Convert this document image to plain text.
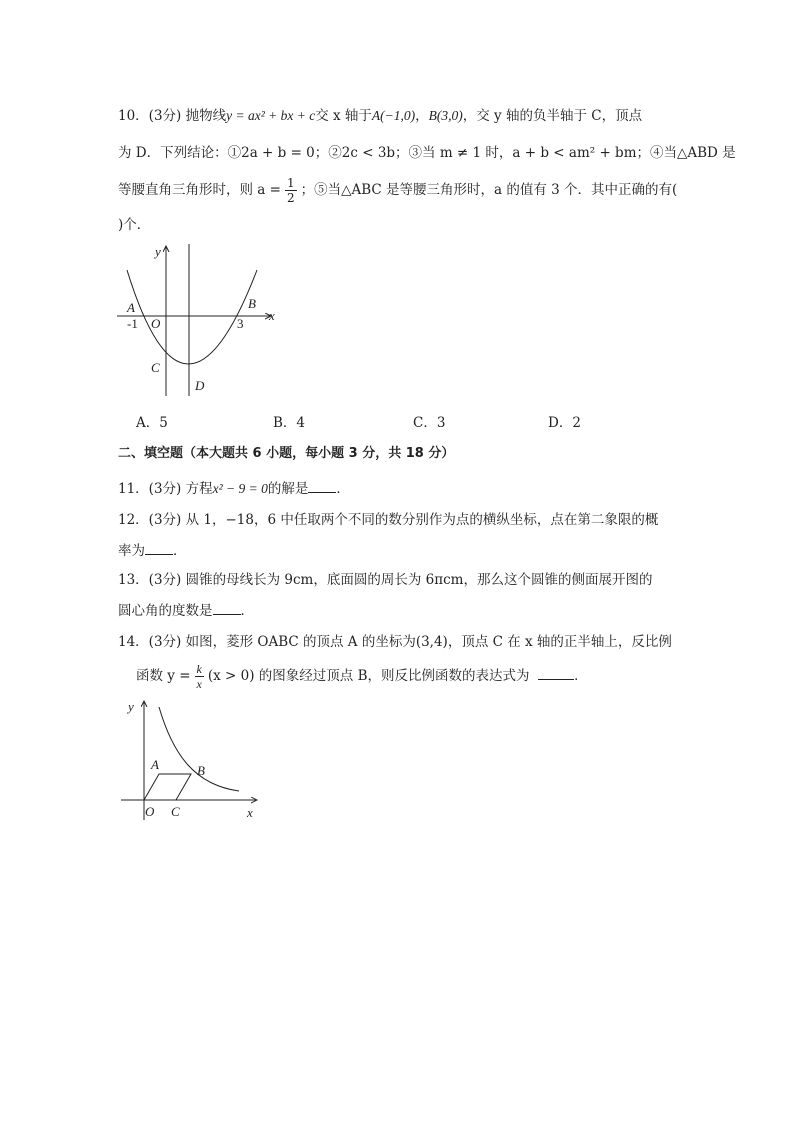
10．(3分) 抛物线y = ax² + bx + c交 x 轴于A(−1,0)，B(3,0)，交 y 轴的负半轴于 C，顶点
为 D．下列结论：①2a + b = 0；②2c < 3b；③当 m ≠ 1 时，a + b < am² + bm；④当△ABD 是
等腰直角三角形时，则 $a = \frac{1}{2}$ ；⑤当△ABC 是等腰三角形时，a 的值有 3 个．其中正确的有(
)个．
y
x
A	B
-1 O	3
C
D
A．5	B．4	C．3	D．2
二、填空题（本大题共 6 小题，每小题 3 分，共 18 分）
11．(3分) 方程x² − 9 = 0的解是 ．
12．(3分) 从 1，−18，6 中任取两个不同的数分别作为点的横纵坐标，点在第二象限的概
率为 ．
13．(3分) 圆锥的母线长为 9cm，底面圆的周长为 6πcm，那么这个圆锥的侧面展开图的
圆心角的度数是 ．
14．(3分) 如图，菱形 OABC 的顶点 A 的坐标为(3,4)，顶点 C 在 x 轴的正半轴上，反比例
函数 $y = \frac{k}{x} (x > 0)$ 的图象经过顶点 B，则反比例函数的表达式为	．
y
x
A	B
O C
